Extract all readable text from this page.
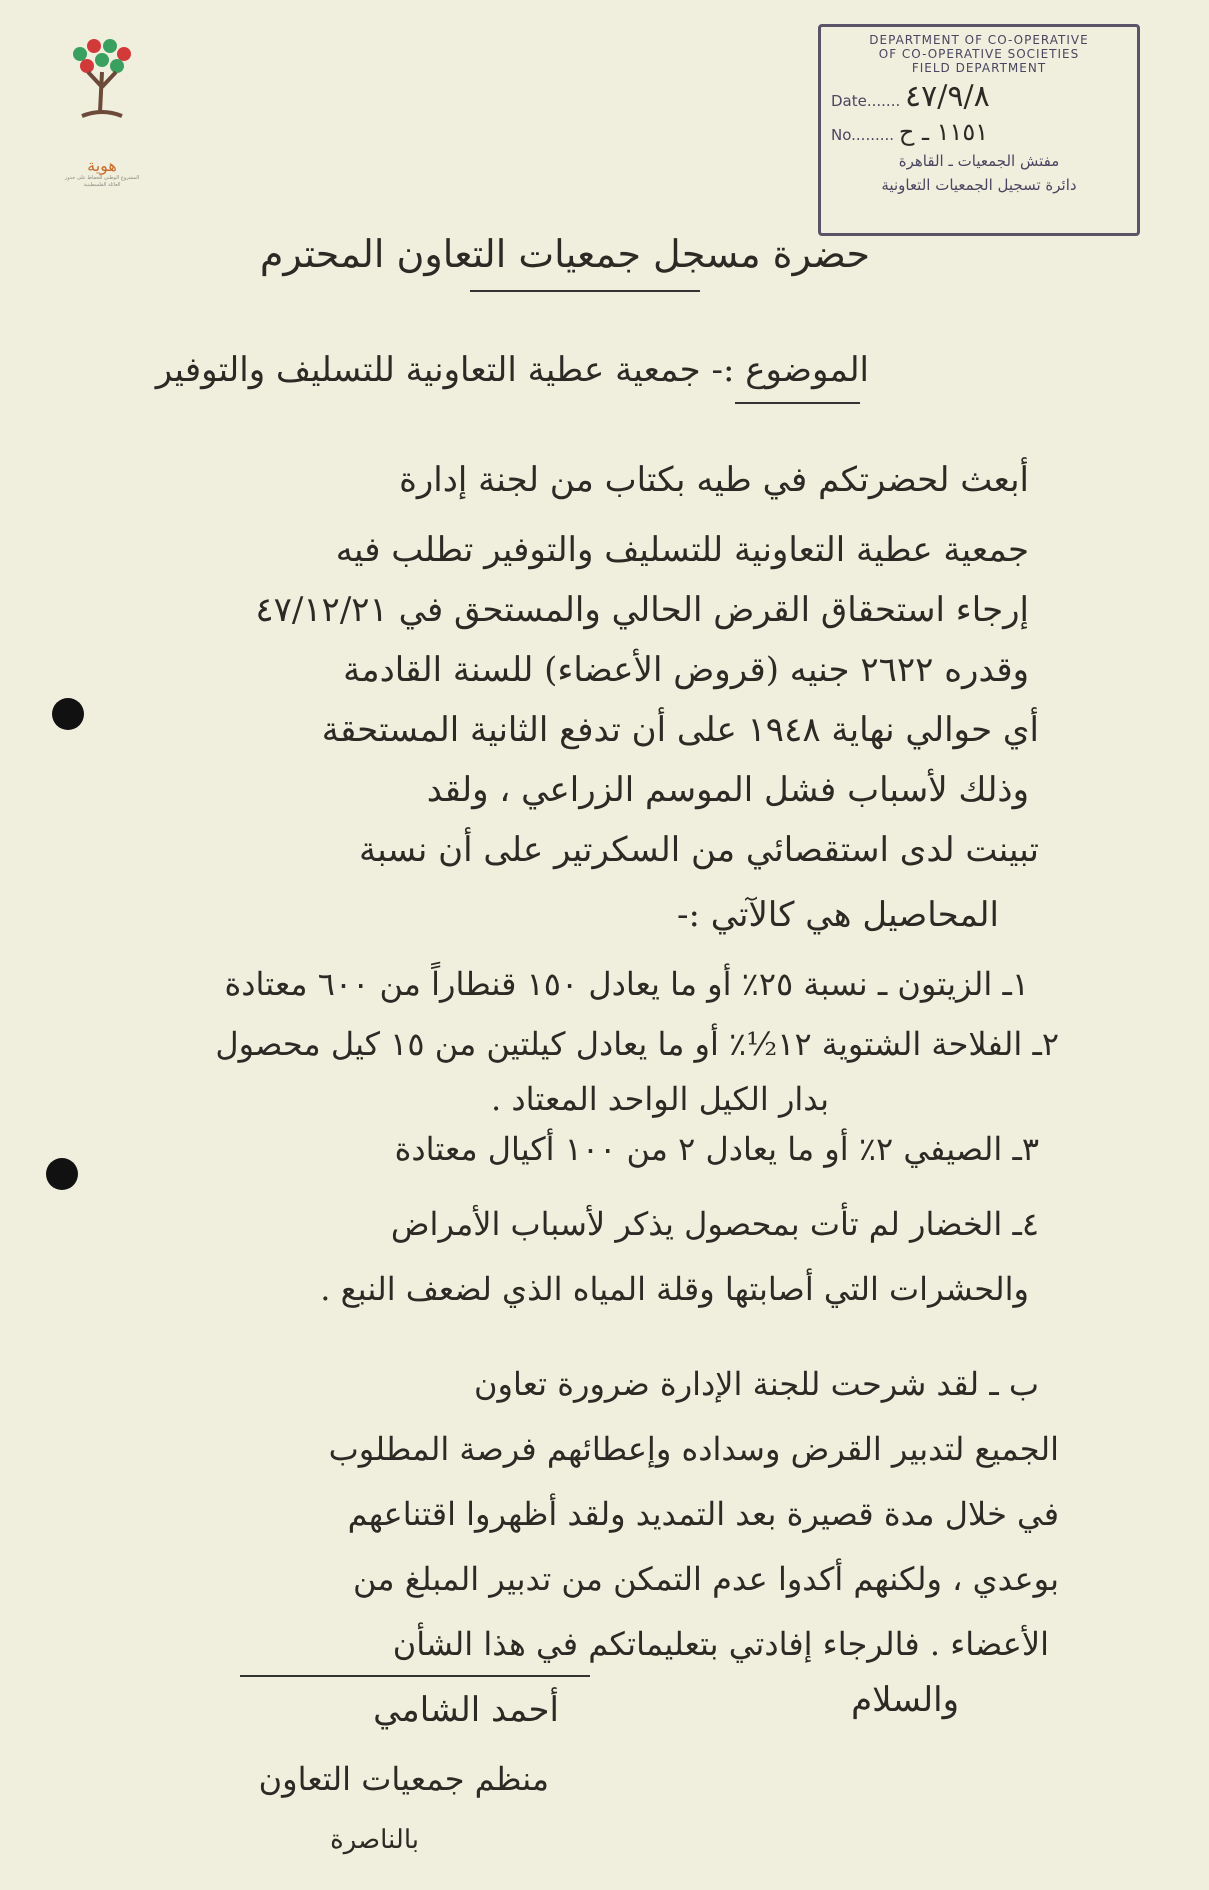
هوية
المشروع الوطني للحفاظ على جذور العائلة الفلسطينية
DEPARTMENT OF CO-OPERATIVE
OF CO-OPERATIVE SOCIETIES
FIELD DEPARTMENT
Date....... ٤٧/٩/٨
No......... ١١٥١ ـ ح
مفتش الجمعيات ـ القاهرة
دائرة تسجيل الجمعيات التعاونية
حضرة مسجل جمعيات التعاون المحترم
الموضوع :- جمعية عطية التعاونية للتسليف والتوفير
أبعث لحضرتكم في طيه بكتاب من لجنة إدارة
جمعية عطية التعاونية للتسليف والتوفير تطلب فيه
إرجاء استحقاق القرض الحالي والمستحق في ٤٧/١٢/٢١
وقدره ٢٦٢٢ جنيه (قروض الأعضاء) للسنة القادمة
أي حوالي نهاية ١٩٤٨ على أن تدفع الثانية المستحقة
وذلك لأسباب فشل الموسم الزراعي ، ولقد
تبينت لدى استقصائي من السكرتير على أن نسبة
المحاصيل هي كالآتي :-
١ـ الزيتون ـ نسبة ٢٥٪ أو ما يعادل ١٥٠ قنطاراً من ٦٠٠ معتادة
٢ـ الفلاحة الشتوية ١٢½٪ أو ما يعادل كيلتين من ١٥ كيل محصول
بدار الكيل الواحد المعتاد .
٣ـ الصيفي ٢٪ أو ما يعادل ٢ من ١٠٠ أكيال معتادة
٤ـ الخضار لم تأت بمحصول يذكر لأسباب الأمراض
والحشرات التي أصابتها وقلة المياه الذي لضعف النبع .
ب ـ لقد شرحت للجنة الإدارة ضرورة تعاون
الجميع لتدبير القرض وسداده وإعطائهم فرصة المطلوب
في خلال مدة قصيرة بعد التمديد ولقد أظهروا اقتناعهم
بوعدي ، ولكنهم أكدوا عدم التمكن من تدبير المبلغ من
الأعضاء . فالرجاء إفادتي بتعليماتكم في هذا الشأن
والسلام
أحمد الشامي
منظم جمعيات التعاون
بالناصرة
